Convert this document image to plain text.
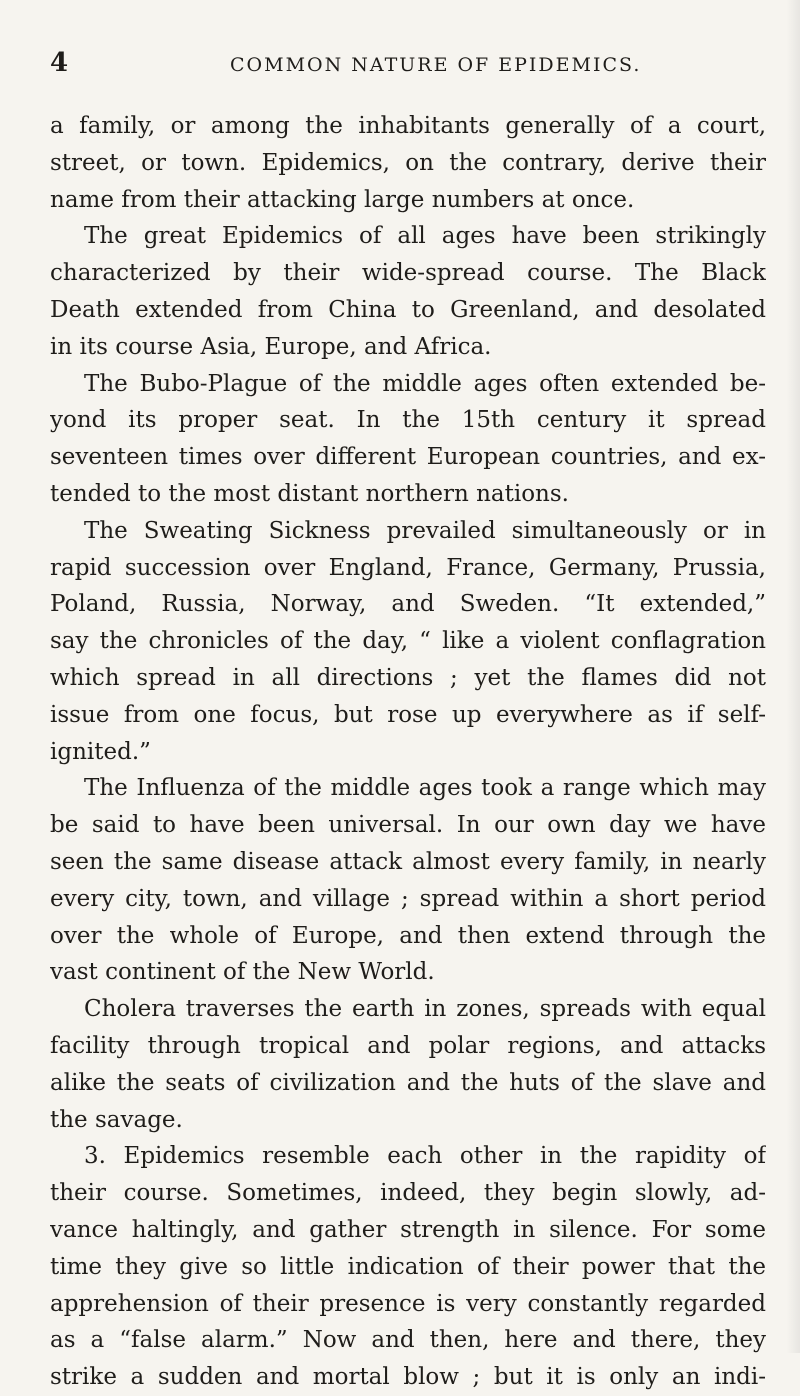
4	COMMON NATURE OF EPIDEMICS.
a family, or among the inhabitants generally of a court,
street, or town. Epidemics, on the contrary, derive their
name from their attacking large numbers at once.
The great Epidemics of all ages have been strikingly
characterized by their wide-spread course. The Black
Death extended from China to Greenland, and desolated
in its course Asia, Europe, and Africa.
The Bubo-Plague of the middle ages often extended be-
yond its proper seat. In the 15th century it spread
seventeen times over different European countries, and ex-
tended to the most distant northern nations.
The Sweating Sickness prevailed simultaneously or in
rapid succession over England, France, Germany, Prussia,
Poland, Russia, Norway, and Sweden. “It extended,”
say the chronicles of the day, “ like a violent conflagration
which spread in all directions ; yet the flames did not
issue from one focus, but rose up everywhere as if self-
ignited.”
The Influenza of the middle ages took a range which may
be said to have been universal. In our own day we have
seen the same disease attack almost every family, in nearly
every city, town, and village ; spread within a short period
over the whole of Europe, and then extend through the
vast continent of the New World.
Cholera traverses the earth in zones, spreads with equal
facility through tropical and polar regions, and attacks
alike the seats of civilization and the huts of the slave and
the savage.
3. Epidemics resemble each other in the rapidity of
their course. Sometimes, indeed, they begin slowly, ad-
vance haltingly, and gather strength in silence. For some
time they give so little indication of their power that the
apprehension of their presence is very constantly regarded
as a “false alarm.” Now and then, here and there, they
strike a sudden and mortal blow ; but it is only an indi-
